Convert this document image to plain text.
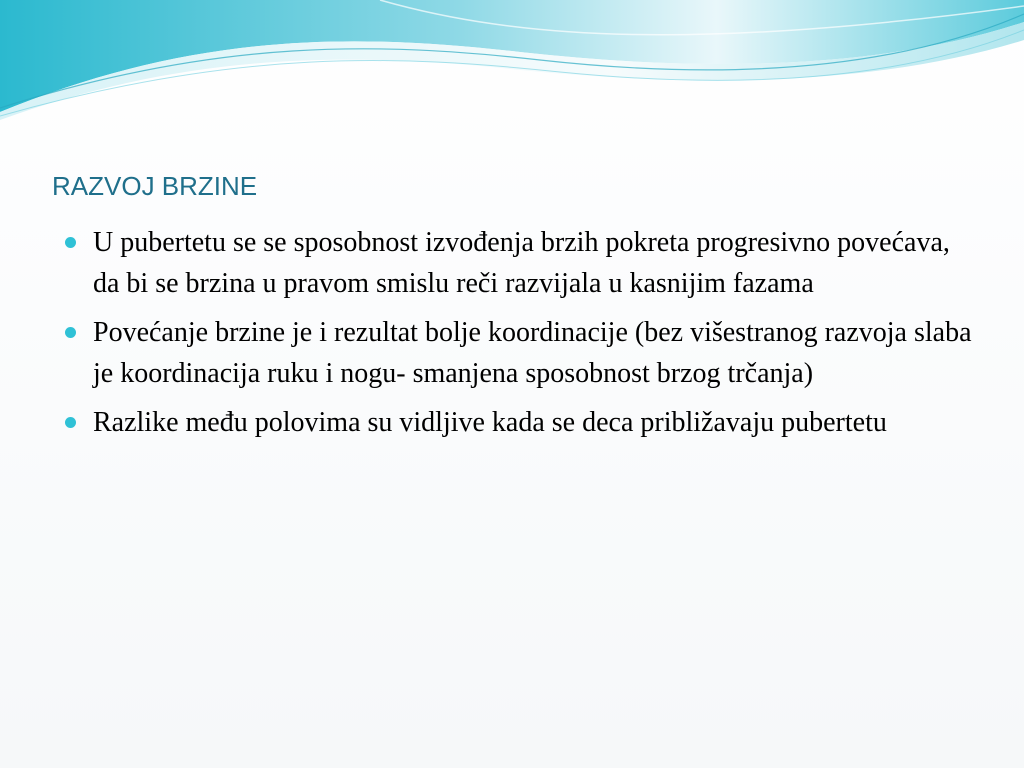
RAZVOJ BRZINE
U pubertetu se se sposobnost izvođenja brzih pokreta progresivno povećava, da bi se brzina u pravom smislu reči razvijala u kasnijim fazama
Povećanje brzine je i rezultat bolje koordinacije (bez višestranog razvoja slaba je koordinacija ruku i nogu- smanjena sposobnost brzog trčanja)
Razlike među polovima su vidljive kada se deca približavaju pubertetu
